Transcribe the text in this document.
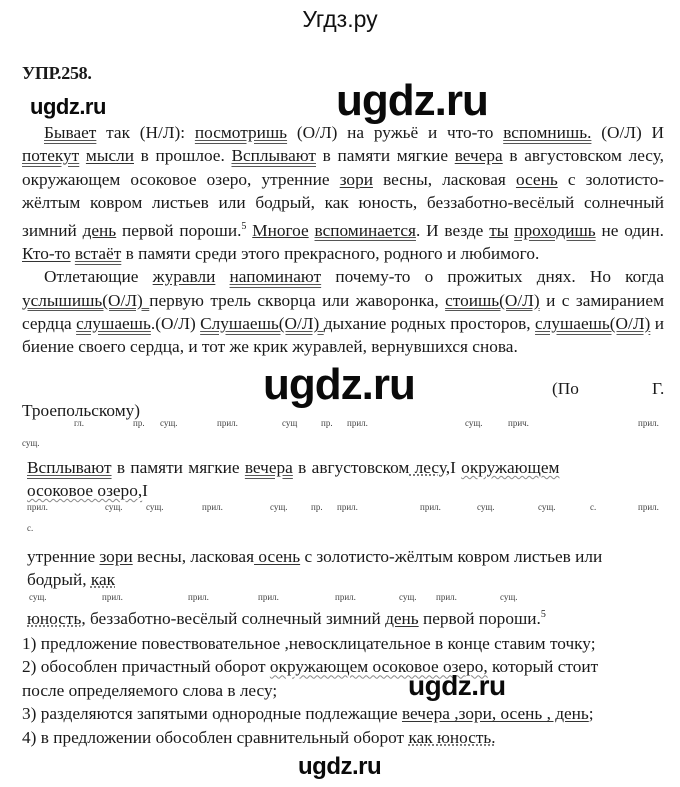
Угдз.ру
УПР.258.
ugdz.ru	ugdz.ru

Бывает так (Н/Л): посмотришь (О/Л) на ружьё и что-то вспомнишь. (О/Л) И потекут мысли в прошлое. Всплывают в памяти мягкие вечера в августовском лесу, окружающем осоковое озеро, утренние зори весны, ласковая осень с золотисто-жёлтым ковром листьев или бодрый, как юность, беззаботно-весёлый солнечный зимний день первой пороши.$^5$ Многое вспоминается. И везде ты проходишь не один. Кто-то встаёт в памяти среди этого прекрасного, родного и любимого.

Отлетающие журавли напоминают почему-то о прожитых днях. Но когда услышишь(О/Л) первую трель скворца или жаворонка, стоишь(О/Л) и с замиранием сердца слушаешь.(О/Л) Слушаешь(О/Л) дыхание родных просторов, слушаешь(О/Л) и биение своего сердца, и тот же крик журавлей, вернувшихся снова.

ugdz.ru	(По	Г.
Троепольскому)
гл.	пр. сущ.	прил.	сущ	пр. прил.	сущ.	прич.	прил.
сущ.
Всплывают в памяти мягкие вечера в августовском лесу,I окружающем
осоковое озеро,I
прил.	сущ.	сущ.	прил.	сущ.	пр. прил.	прил.	сущ.	сущ.	с.	прил.
с.
утренние зори весны, ласковая осень с золотисто-жёлтым ковром листьев или
бодрый, как
сущ.	прил.	прил.	прил.	прил.	сущ. прил.	сущ.
юность, беззаботно-весёлый солнечный зимний день первой пороши.$^5$
1) предложение повествовательное ,невосклицательное в конце ставим точку;
2) обособлен причастный оборот окружающем осоковое озеро, который стоит
после определяемого слова в лесу;
3) разделяются запятыми однородные подлежащие вечера ,зори, осень , день;
4) в предложении обособлен сравнительный оборот как юность.
ugdz.ru
ugdz.ru
